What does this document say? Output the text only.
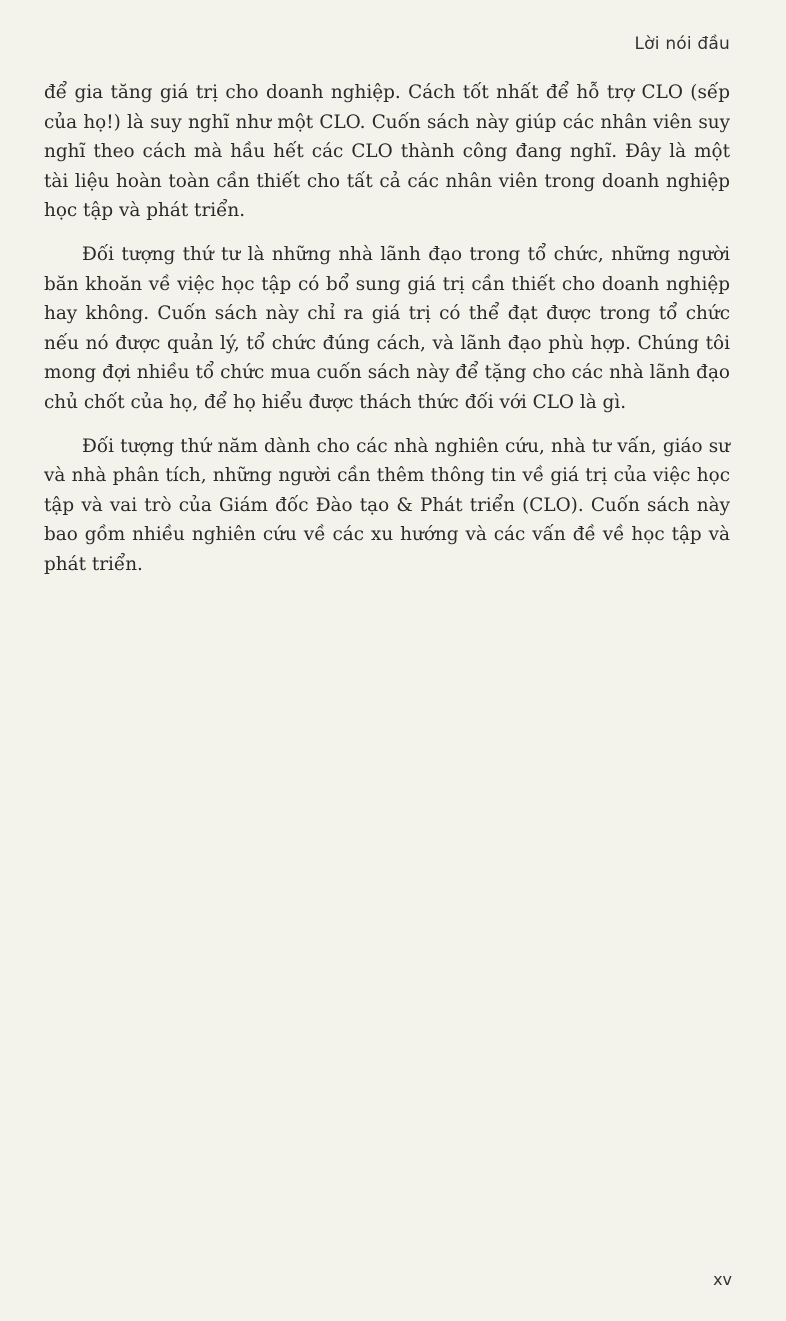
Lời nói đầu

để gia tăng giá trị cho doanh nghiệp. Cách tốt nhất để hỗ trợ CLO (sếp của họ!) là suy nghĩ như một CLO. Cuốn sách này giúp các nhân viên suy nghĩ theo cách mà hầu hết các CLO thành công đang nghĩ. Đây là một tài liệu hoàn toàn cần thiết cho tất cả các nhân viên trong doanh nghiệp học tập và phát triển.

Đối tượng thứ tư là những nhà lãnh đạo trong tổ chức, những người băn khoăn về việc học tập có bổ sung giá trị cần thiết cho doanh nghiệp hay không. Cuốn sách này chỉ ra giá trị có thể đạt được trong tổ chức nếu nó được quản lý, tổ chức đúng cách, và lãnh đạo phù hợp. Chúng tôi mong đợi nhiều tổ chức mua cuốn sách này để tặng cho các nhà lãnh đạo chủ chốt của họ, để họ hiểu được thách thức đối với CLO là gì.

Đối tượng thứ năm dành cho các nhà nghiên cứu, nhà tư vấn, giáo sư và nhà phân tích, những người cần thêm thông tin về giá trị của việc học tập và vai trò của Giám đốc Đào tạo & Phát triển (CLO). Cuốn sách này bao gồm nhiều nghiên cứu về các xu hướng và các vấn đề về học tập và phát triển.

xv
